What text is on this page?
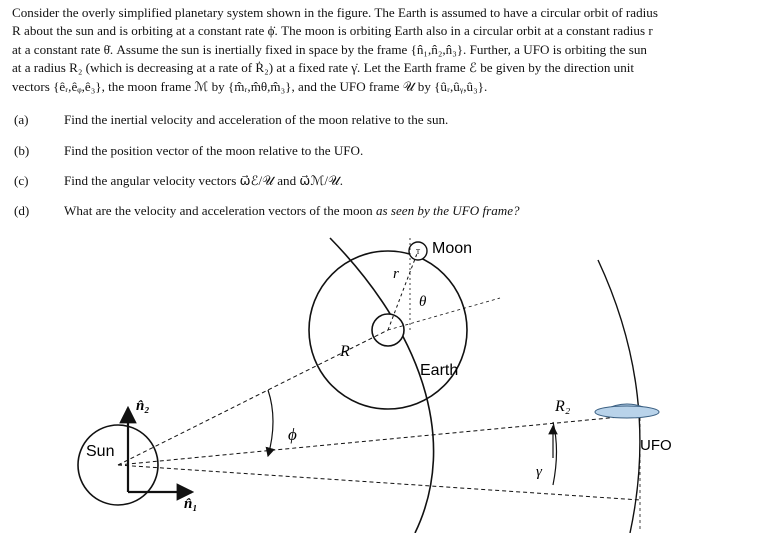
Consider the overly simplified planetary system shown in the figure. The Earth is assumed to have a circular orbit of radius

R about the sun and is orbiting at a constant rate ϕ̇. The moon is orbiting Earth also in a circular orbit at a constant radius r

at a constant rate θ̇. Assume the sun is inertially fixed in space by the frame {n̂₁,n̂₂,n̂₃}. Further, a UFO is orbiting the sun

at a radius R₂ (which is decreasing at a rate of Ṙ₂) at a fixed rate γ̇. Let the Earth frame ℰ be given by the direction unit

vectors {êᵣ,êᵩ,ê₃}, the moon frame ℳ by {m̂ᵣ,m̂θ,m̂₃}, and the UFO frame 𝒰 by {ûᵣ,ûᵧ,û₃}.

(a)	Find the inertial velocity and acceleration of the moon relative to the sun.
(b)	Find the position vector of the moon relative to the UFO.
(c)	Find the angular velocity vectors ω⃗ℰ/𝒰 and ω⃗ℳ/𝒰.
(d)	What are the velocity and acceleration vectors of the moon as seen by the UFO frame?
T Moon
Earth
Sun	UFO
r
θ
R
ϕ
R₂
γ
n̂₁
n̂₂
